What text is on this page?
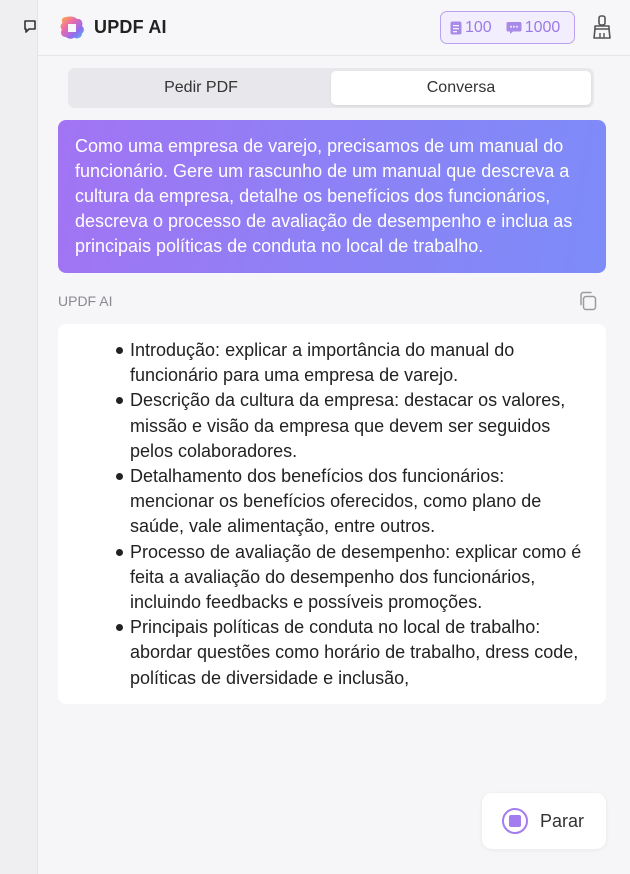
UPDF AI	100 1000
Pedir PDF	Conversa
Como uma empresa de varejo, precisamos de um manual do funcionário. Gere um rascunho de um manual que descreva a cultura da empresa, detalhe os benefícios dos funcionários, descreva o processo de avaliação de desempenho e inclua as principais políticas de conduta no local de trabalho.
UPDF AI
Introdução: explicar a importância do manual do funcionário para uma empresa de varejo.
Descrição da cultura da empresa: destacar os valores, missão e visão da empresa que devem ser seguidos pelos colaboradores.
Detalhamento dos benefícios dos funcionários: mencionar os benefícios oferecidos, como plano de saúde, vale alimentação, entre outros.
Processo de avaliação de desempenho: explicar como é feita a avaliação do desempenho dos funcionários, incluindo feedbacks e possíveis promoções.
Principais políticas de conduta no local de trabalho: abordar questões como horário de trabalho, dress code, políticas de diversidade e inclusão,
Parar
